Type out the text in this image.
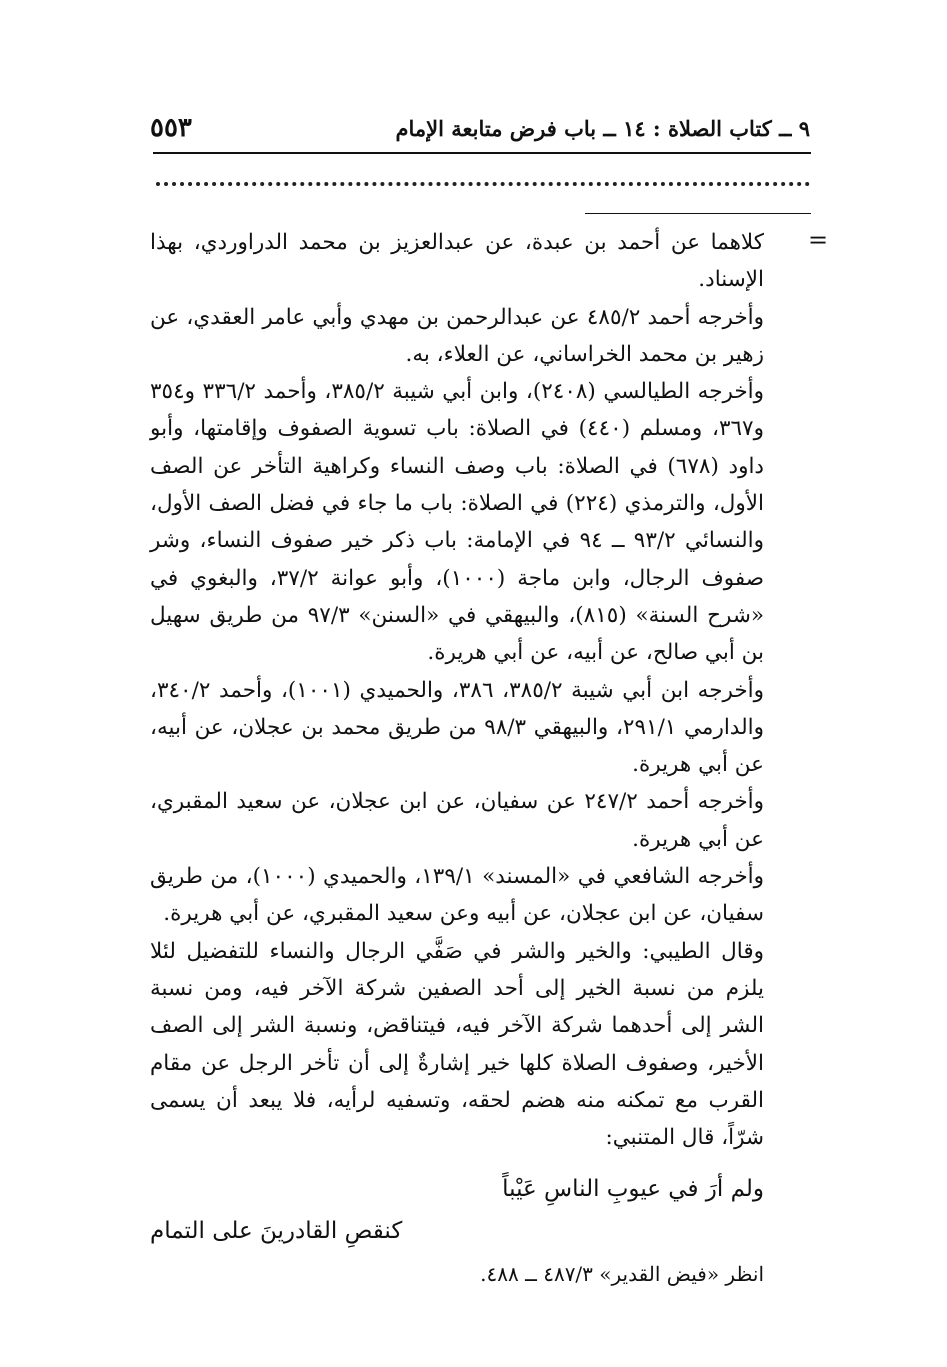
٩ ــ كتاب الصلاة : ١٤ ــ باب فرض متابعة الإمام
٥٥٣
=

كلاهما عن أحمد بن عبدة، عن عبدالعزيز بن محمد الدراوردي، بهذا الإسناد.

وأخرجه أحمد ٤٨٥/٢ عن عبدالرحمن بن مهدي وأبي عامر العقدي، عن زهير بن محمد الخراساني، عن العلاء، به.

وأخرجه الطيالسي (٢٤٠٨)، وابن أبي شيبة ٣٨٥/٢، وأحمد ٣٣٦/٢ و٣٥٤ و٣٦٧، ومسلم (٤٤٠) في الصلاة: باب تسوية الصفوف وإقامتها، وأبو داود (٦٧٨) في الصلاة: باب وصف النساء وكراهية التأخر عن الصف الأول، والترمذي (٢٢٤) في الصلاة: باب ما جاء في فضل الصف الأول، والنسائي ٩٣/٢ ــ ٩٤ في الإمامة: باب ذكر خير صفوف النساء، وشر صفوف الرجال، وابن ماجة (١٠٠٠)، وأبو عوانة ٣٧/٢، والبغوي في «شرح السنة» (٨١٥)، والبيهقي في «السنن» ٩٧/٣ من طريق سهيل بن أبي صالح، عن أبيه، عن أبي هريرة.

وأخرجه ابن أبي شيبة ٣٨٥/٢، ٣٨٦، والحميدي (١٠٠١)، وأحمد ٣٤٠/٢، والدارمي ٢٩١/١، والبيهقي ٩٨/٣ من طريق محمد بن عجلان، عن أبيه، عن أبي هريرة.

وأخرجه أحمد ٢٤٧/٢ عن سفيان، عن ابن عجلان، عن سعيد المقبري، عن أبي هريرة.

وأخرجه الشافعي في «المسند» ١٣٩/١، والحميدي (١٠٠٠)، من طريق سفيان، عن ابن عجلان، عن أبيه وعن سعيد المقبري، عن أبي هريرة.

وقال الطيبي: والخير والشر في صَفَّي الرجال والنساء للتفضيل لئلا يلزم من نسبة الخير إلى أحد الصفين شركة الآخر فيه، ومن نسبة الشر إلى أحدهما شركة الآخر فيه، فيتناقض، ونسبة الشر إلى الصف الأخير، وصفوف الصلاة كلها خير إشارةٌ إلى أن تأخر الرجل عن مقام القرب مع تمكنه منه هضم لحقه، وتسفيه لرأيه، فلا يبعد أن يسمى شرّاً، قال المتنبي:

ولم أرَ في عيوبِ الناسِ عَيْباً
كنقصِ القادرينَ على التمام
انظر «فيض القدير» ٤٨٧/٣ ــ ٤٨٨.
